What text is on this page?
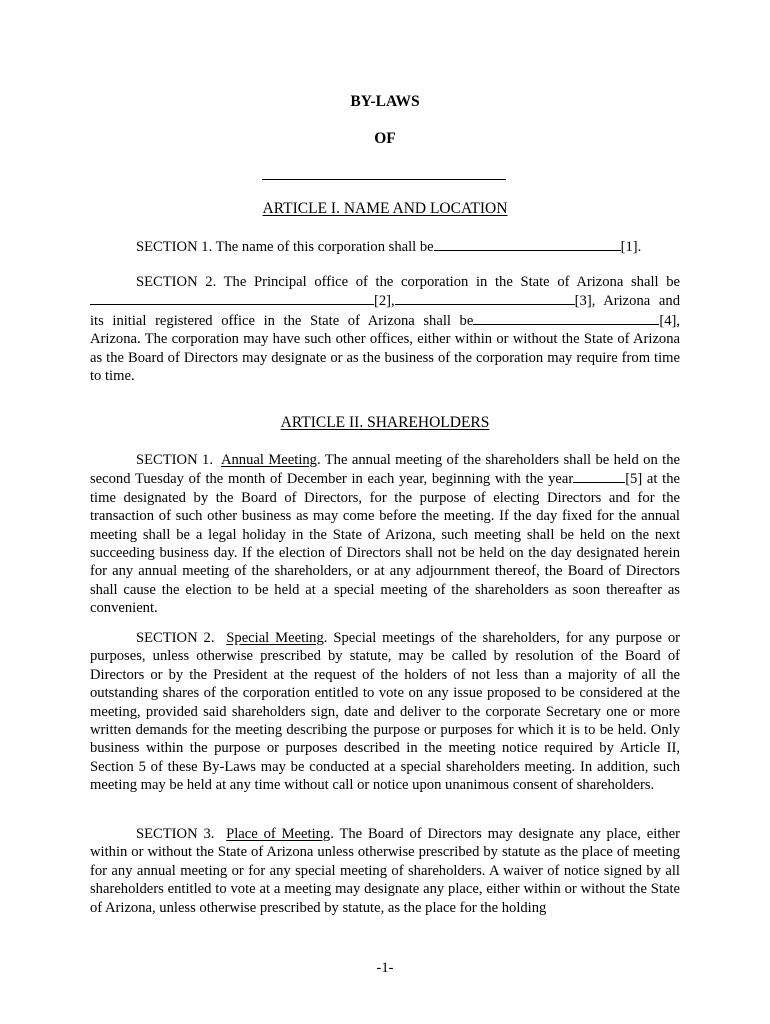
BY-LAWS
OF
ARTICLE I. NAME AND LOCATION

SECTION 1. The name of this corporation shall be	[1].

SECTION 2. The Principal office of the corporation in the State of Arizona shall be [2],	[3], Arizona and its initial registered office in the State of Arizona shall be	[4], Arizona. The corporation may have such other offices, either within or without the State of Arizona as the Board of Directors may designate or as the business of the corporation may require from time to time.

ARTICLE II. SHAREHOLDERS

SECTION 1. Annual Meeting. The annual meeting of the shareholders shall be held on the second Tuesday of the month of December in each year, beginning with the year	[5] at the time designated by the Board of Directors, for the purpose of electing Directors and for the transaction of such other business as may come before the meeting. If the day fixed for the annual meeting shall be a legal holiday in the State of Arizona, such meeting shall be held on the next succeeding business day. If the election of Directors shall not be held on the day designated herein for any annual meeting of the shareholders, or at any adjournment thereof, the Board of Directors shall cause the election to be held at a special meeting of the shareholders as soon thereafter as convenient.

SECTION 2. Special Meeting. Special meetings of the shareholders, for any purpose or purposes, unless otherwise prescribed by statute, may be called by resolution of the Board of Directors or by the President at the request of the holders of not less than a majority of all the outstanding shares of the corporation entitled to vote on any issue proposed to be considered at the meeting, provided said shareholders sign, date and deliver to the corporate Secretary one or more written demands for the meeting describing the purpose or purposes for which it is to be held. Only business within the purpose or purposes described in the meeting notice required by Article II, Section 5 of these By-Laws may be conducted at a special shareholders meeting. In addition, such meeting may be held at any time without call or notice upon unanimous consent of shareholders.

SECTION 3. Place of Meeting. The Board of Directors may designate any place, either within or without the State of Arizona unless otherwise prescribed by statute as the place of meeting for any annual meeting or for any special meeting of shareholders. A waiver of notice signed by all shareholders entitled to vote at a meeting may designate any place, either within or without the State of Arizona, unless otherwise prescribed by statute, as the place for the holding

-1-
